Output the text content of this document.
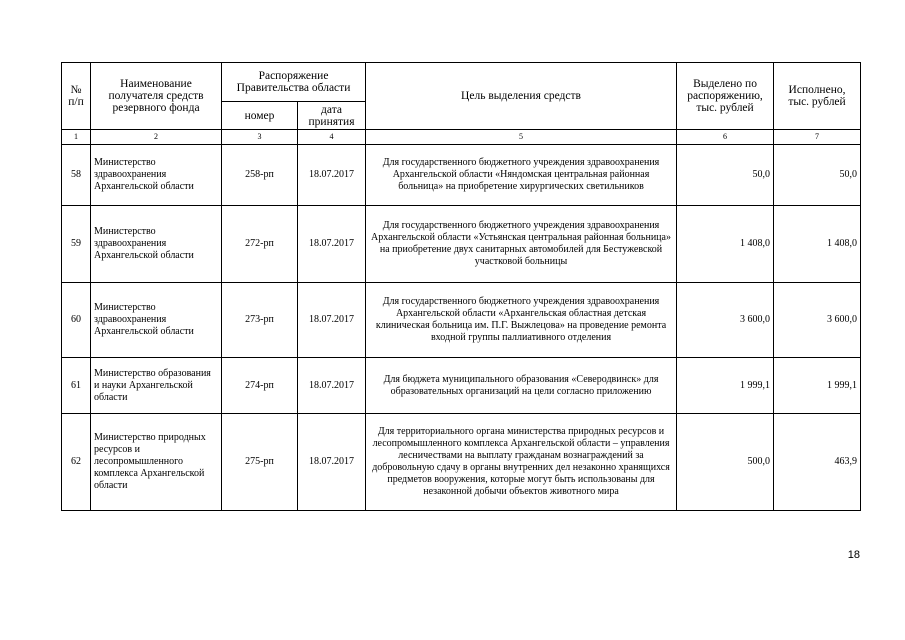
№ п/п	Наименование получателя средств резервного фонда	Распоряжение Правительства области		Цель выделения средств	Выделено по распоряжению, тыс. рублей	Исполнено, тыс. рублей
		номер	дата принятия			
1	2	3	4	5	6	7
58	Министерство здравоохранения Архангельской области	258-рп	18.07.2017	Для государственного бюджетного учреждения здравоохранения Архангельской области «Няндомская центральная районная больница» на приобретение хирургических светильников	50,0	50,0
59	Министерство здравоохранения Архангельской области	272-рп	18.07.2017	Для государственного бюджетного учреждения здравоохранения Архангельской области «Устьянская центральная районная больница» на приобретение двух санитарных автомобилей для Бестужевской участковой больницы	1 408,0	1 408,0
60	Министерство здравоохранения Архангельской области	273-рп	18.07.2017	Для государственного бюджетного учреждения здравоохранения Архангельской области «Архангельская областная детская клиническая больница им. П.Г. Выжлецова» на проведение ремонта входной группы паллиативного отделения	3 600,0	3 600,0
61	Министерство образования и науки Архангельской области	274-рп	18.07.2017	Для бюджета муниципального образования «Северодвинск» для образовательных организаций на цели согласно приложению	1 999,1	1 999,1
62	Министерство природных ресурсов и лесопромышленного комплекса Архангельской области	275-рп	18.07.2017	Для территориального органа министерства природных ресурсов и лесопромышленного комплекса Архангельской области – управления лесничествами на выплату гражданам вознаграждений за добровольную сдачу в органы внутренних дел незаконно хранящихся предметов вооружения, которые могут быть использованы для незаконной добычи объектов животного мира	500,0	463,9
18
